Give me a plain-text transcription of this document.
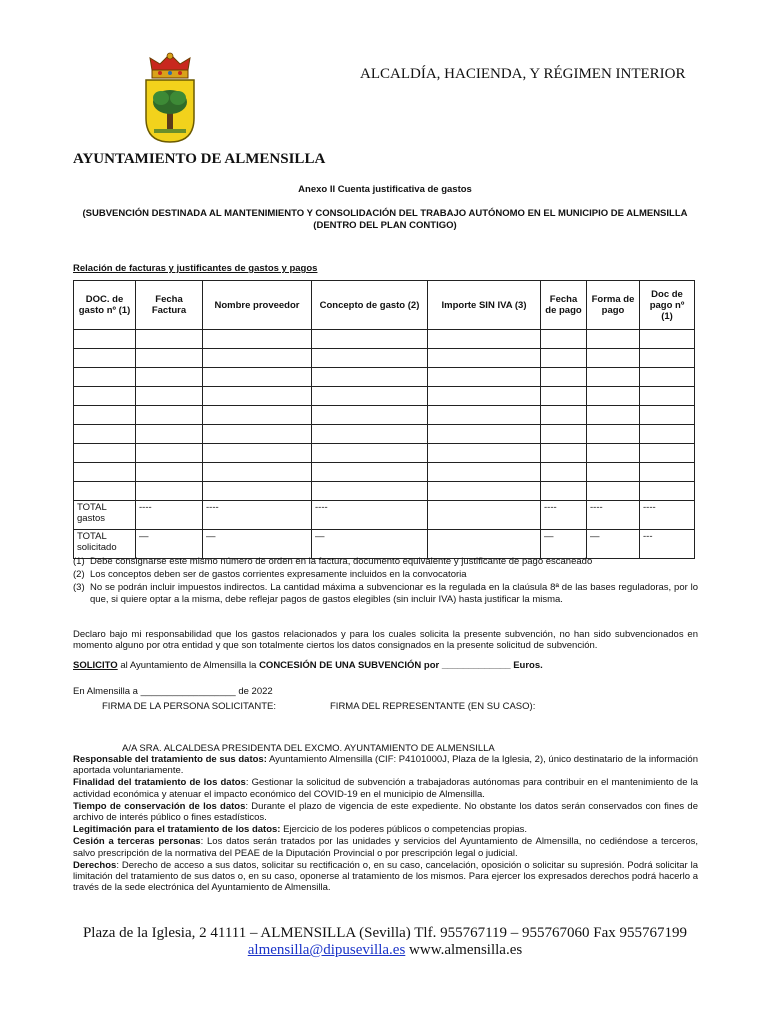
ALCALDÍA, HACIENDA, Y RÉGIMEN INTERIOR
AYUNTAMIENTO DE ALMENSILLA
Anexo II Cuenta justificativa de gastos
(SUBVENCIÓN DESTINADA AL MANTENIMIENTO Y CONSOLIDACIÓN DEL TRABAJO AUTÓNOMO EN EL MUNICIPIO DE ALMENSILLA (DENTRO DEL PLAN CONTIGO)
Relación de facturas y justificantes de gastos y pagos
DOC. de gasto nº (1)	Fecha Factura	Nombre proveedor	Concepto de gasto (2)	Importe SIN IVA (3)	Fecha de pago	Forma de pago	Doc de pago nº (1)

TOTAL gastos	----	----	----		----	----	----
TOTAL solicitado	—	—	—		—	—	---
(1) Debe consignarse este mismo número de orden en la factura, documento equivalente y justificante de pago escaneado
(2) Los conceptos deben ser de gastos corrientes expresamente incluidos en la convocatoria
(3) No se podrán incluir impuestos indirectos. La cantidad máxima a subvencionar es la regulada en la claúsula 8ª de las bases reguladoras, por lo que, si quiere optar a la misma, debe reflejar pagos de gastos elegibles (sin incluir IVA) hasta justificar la misma.
Declaro bajo mi responsabilidad que los gastos relacionados y para los cuales solicita la presente subvención, no han sido subvencionados en momento alguno por otra entidad y que son totalmente ciertos los datos consignados en la presente solicitud de subvención.
SOLICITO al Ayuntamiento de Almensilla la CONCESIÓN DE UNA SUBVENCIÓN por _____________ Euros.
En Almensilla a __________________ de 2022
FIRMA DE LA PERSONA SOLICITANTE:	FIRMA DEL REPRESENTANTE (EN SU CASO):
A/A SRA. ALCALDESA PRESIDENTA DEL EXCMO. AYUNTAMIENTO DE ALMENSILLA
Responsable del tratamiento de sus datos: Ayuntamiento Almensilla (CIF: P4101000J, Plaza de la Iglesia, 2), único destinatario de la información aportada voluntariamente.
Finalidad del tratamiento de los datos: Gestionar la solicitud de subvención a trabajadoras autónomas para contribuir en el mantenimiento de la actividad económica y atenuar el impacto económico del COVID-19 en el municipio de Almensilla.
Tiempo de conservación de los datos: Durante el plazo de vigencia de este expediente. No obstante los datos serán conservados con fines de archivo de interés público o fines estadísticos.
Legitimación para el tratamiento de los datos: Ejercicio de los poderes públicos o competencias propias.
Cesión a terceras personas: Los datos serán tratados por las unidades y servicios del Ayuntamiento de Almensilla, no cediéndose a terceros, salvo prescripción de la normativa del PEAE de la Diputación Provincial o por prescripción legal o judicial.
Derechos: Derecho de acceso a sus datos, solicitar su rectificación o, en su caso, cancelación, oposición o solicitar su supresión. Podrá solicitar la limitación del tratamiento de sus datos o, en su caso, oponerse al tratamiento de los mismos. Para ejercer los expresados derechos podrá hacerlo a través de la sede electrónica del Ayuntamiento de Almensilla.
Plaza de la Iglesia, 2 41111 – ALMENSILLA (Sevilla) Tlf. 955767119 – 955767060 Fax 955767199
almensilla@dipusevilla.es www.almensilla.es
